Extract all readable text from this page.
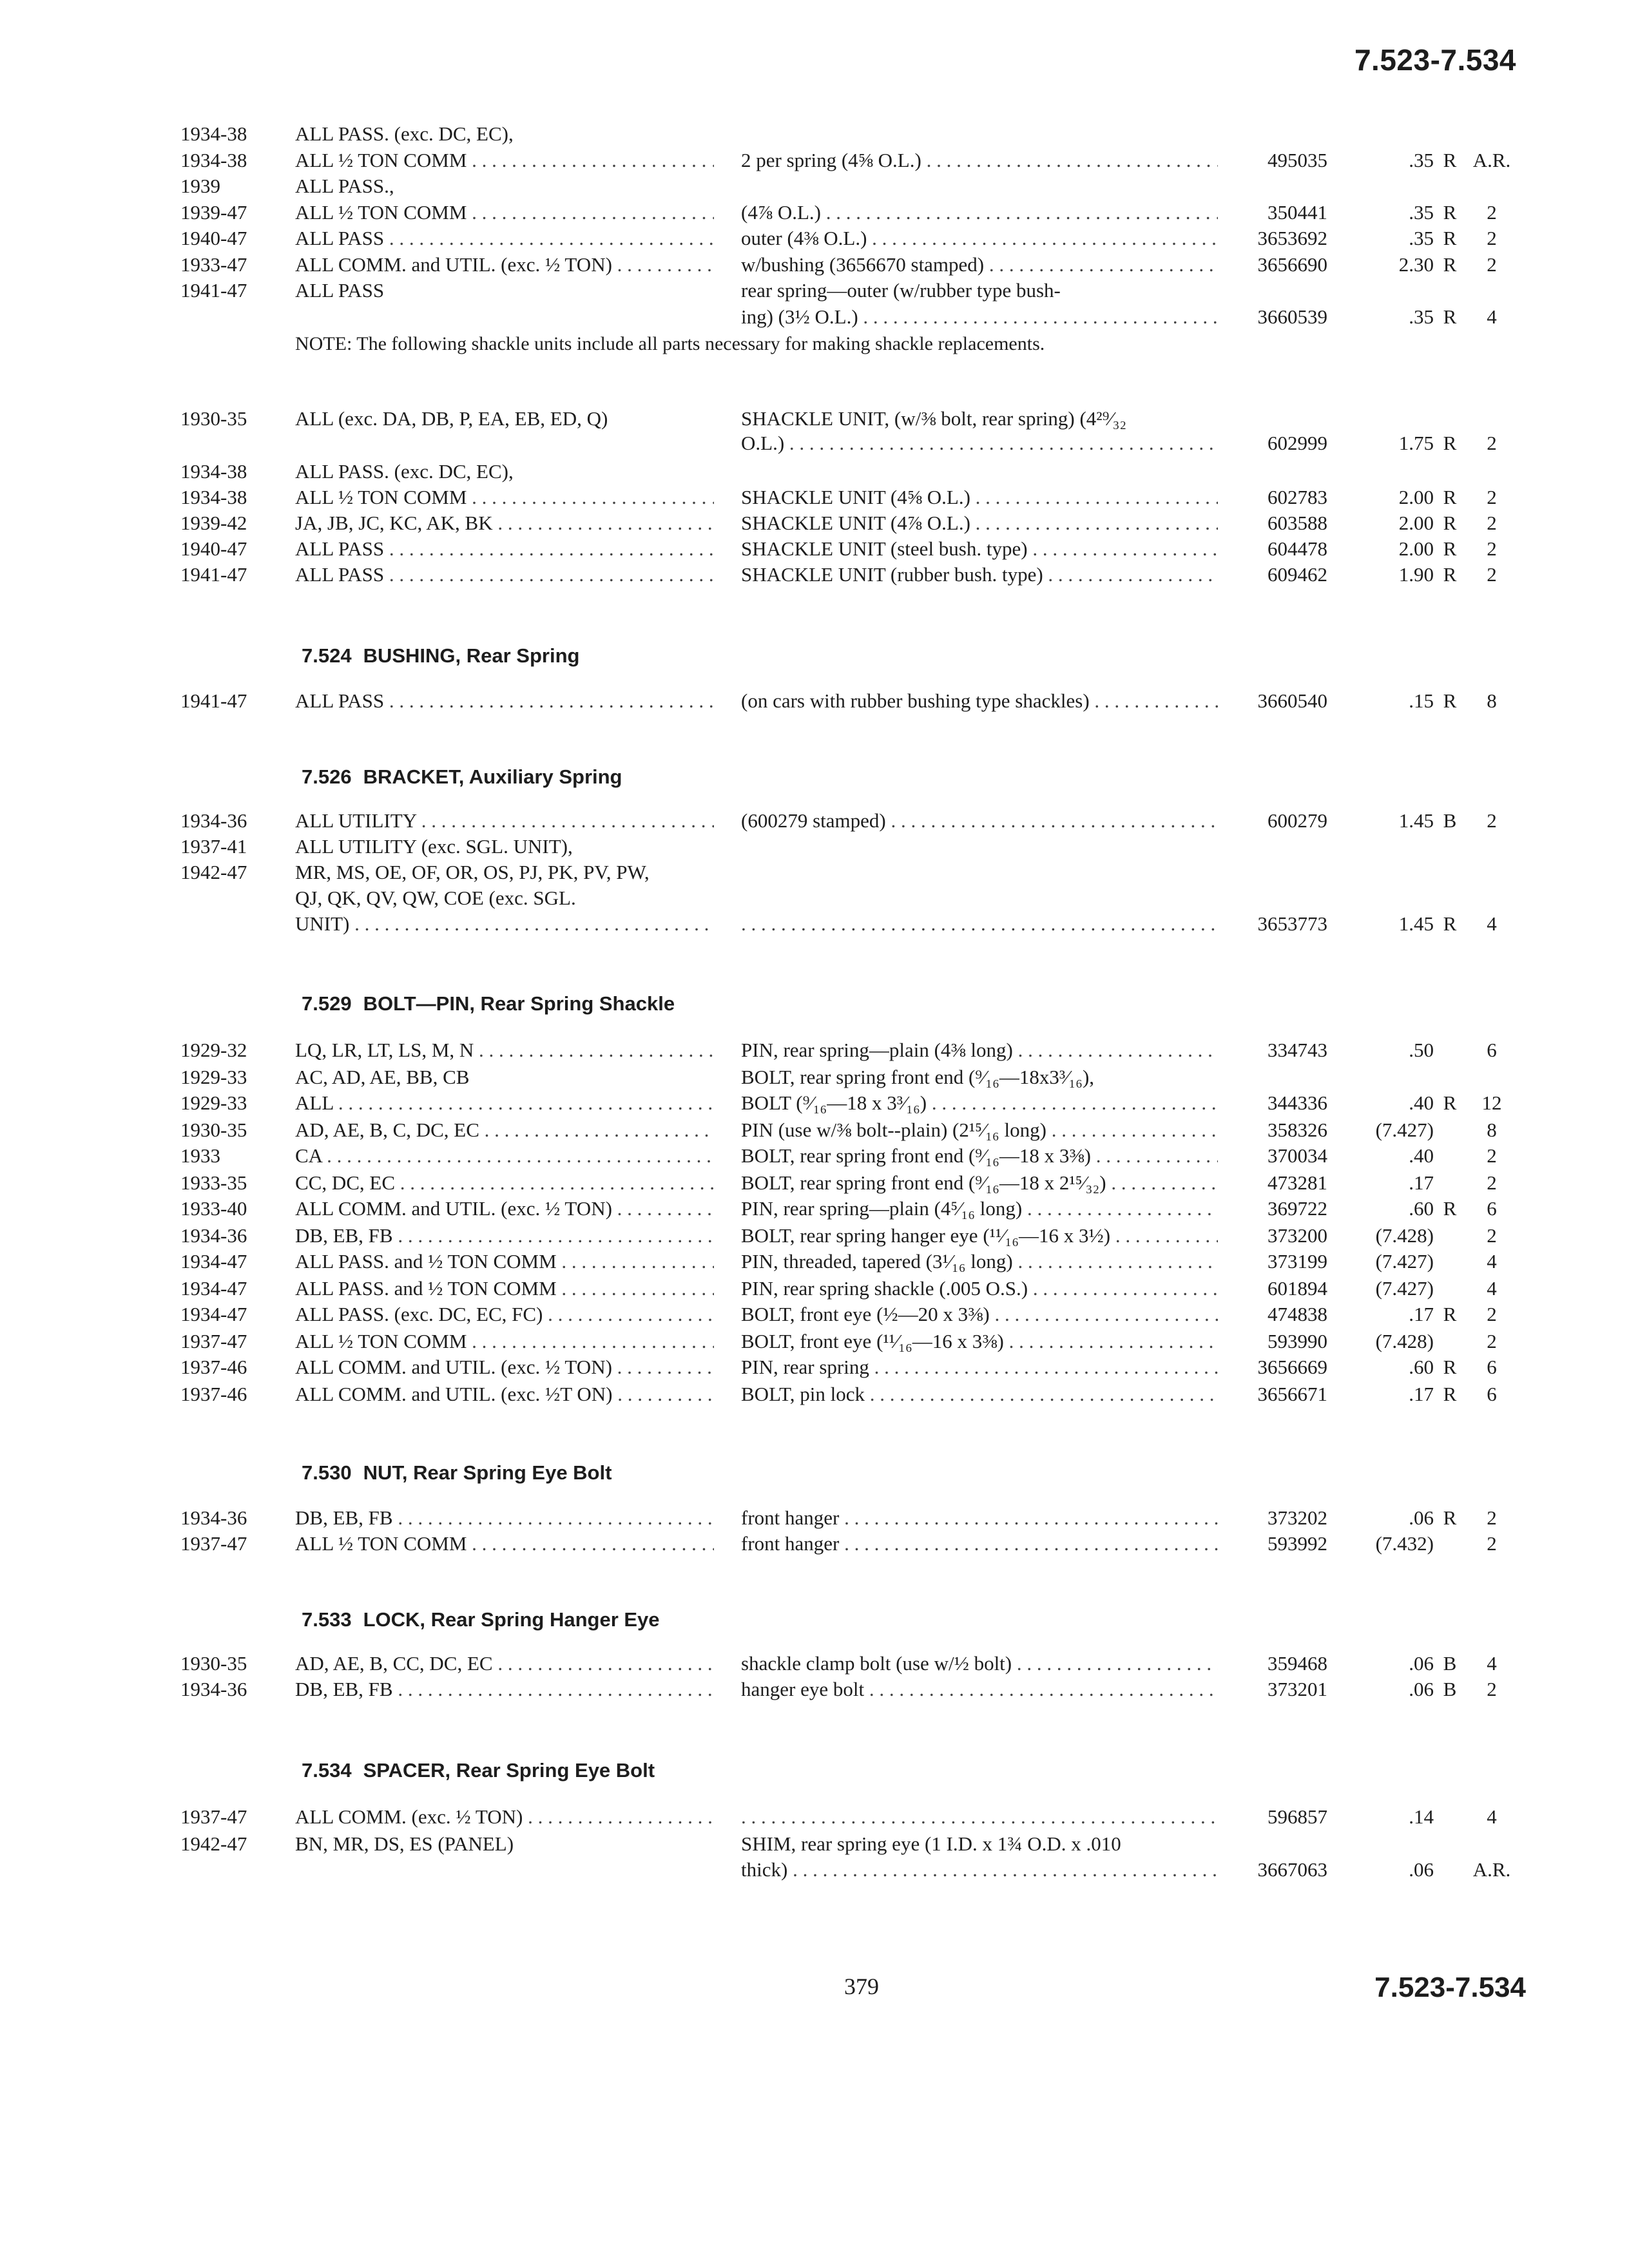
7.523-7.534
1934-38	ALL PASS. (exc. DC, EC),
1934-38	ALL ½ TON COMM . . .	2 per spring (4⅝ O.L.) . . .	495035	.35 R A.R.
1939	ALL PASS.,
1939-47	ALL ½ TON COMM . . .	(4⅞ O.L.) . . .	350441	.35 R	2
1940-47	ALL PASS . . .	outer (4⅜ O.L.) . . .	3653692	.35 R	2
1933-47	ALL COMM. and UTIL. (exc. ½ TON) . . .	w/bushing (3656670 stamped) . . .	3656690	2.30 R	2
1941-47	ALL PASS	rear spring—outer (w/rubber type bush-
ing) (3½ O.L.) . . .	3660539	.35 R	4
NOTE: The following shackle units include all parts necessary for making shackle replacements.
1930-35	ALL (exc. DA, DB, P, EA, EB, ED, Q)	SHACKLE UNIT, (w/⅜ bolt, rear spring) (4²⁹⁄₃₂
O.L.) . . .	602999	1.75 R	2
1934-38	ALL PASS. (exc. DC, EC),
1934-38	ALL ½ TON COMM . . .	SHACKLE UNIT (4⅝ O.L.) . . .	602783	2.00 R	2
1939-42	JA, JB, JC, KC, AK, BK . . .	SHACKLE UNIT (4⅞ O.L.) . . .	603588	2.00 R	2
1940-47	ALL PASS . . .	SHACKLE UNIT (steel bush. type) . . .	604478	2.00 R	2
1941-47	ALL PASS . . .	SHACKLE UNIT (rubber bush. type) . . .	609462	1.90 R	2
7.524 BUSHING, Rear Spring
1941-47	ALL PASS . . .	(on cars with rubber bushing type shackles) . . .	3660540	.15 R	8
7.526 BRACKET, Auxiliary Spring
1934-36	ALL UTILITY . . .	(600279 stamped) . . .	600279	1.45 B	2
1937-41	ALL UTILITY (exc. SGL. UNIT),
1942-47	MR, MS, OE, OF, OR, OS, PJ, PK, PV, PW,
QJ, QK, QV, QW, COE (exc. SGL.
UNIT) . . . . . .	3653773	1.45 R	4
7.529 BOLT—PIN, Rear Spring Shackle
1929-32	LQ, LR, LT, LS, M, N . . .	PIN, rear spring—plain (4⅜ long) . . .	334743	.50	6
1929-33	AC, AD, AE, BB, CB	BOLT, rear spring front end (⁹⁄₁₆—18x3³⁄₁₆),
1929-33	ALL . . .	BOLT (⁹⁄₁₆—18 x 3³⁄₁₆) . . .	344336	.40 R	12
1930-35	AD, AE, B, C, DC, EC . . .	PIN (use w/⅜ bolt--plain) (2¹⁵⁄₁₆ long) . . .	358326	(7.427)	8
1933	CA . . .	BOLT, rear spring front end (⁹⁄₁₆—18 x 3⅜) . . .	370034	.40	2
1933-35	CC, DC, EC . . .	BOLT, rear spring front end (⁹⁄₁₆—18 x 2¹⁵⁄₃₂) . . .	473281	.17	2
1933-40	ALL COMM. and UTIL. (exc. ½ TON) . . .	PIN, rear spring—plain (4⁵⁄₁₆ long) . . .	369722	.60 R	6
1934-36	DB, EB, FB . . .	BOLT, rear spring hanger eye (¹¹⁄₁₆—16 x 3½) . . .	373200	(7.428)	2
1934-47	ALL PASS. and ½ TON COMM . . .	PIN, threaded, tapered (3¹⁄₁₆ long) . . .	373199	(7.427)	4
1934-47	ALL PASS. and ½ TON COMM . . .	PIN, rear spring shackle (.005 O.S.) . . .	601894	(7.427)	4
1934-47	ALL PASS. (exc. DC, EC, FC) . . .	BOLT, front eye (½—20 x 3⅜) . . .	474838	.17 R	2
1937-47	ALL ½ TON COMM . . .	BOLT, front eye (¹¹⁄₁₆—16 x 3⅜) . . .	593990	(7.428)	2
1937-46	ALL COMM. and UTIL. (exc. ½ TON) . . .	PIN, rear spring . . .	3656669	.60 R	6
1937-46	ALL COMM. and UTIL. (exc. ½T ON) . . .	BOLT, pin lock . . .	3656671	.17 R	6
7.530 NUT, Rear Spring Eye Bolt
1934-36	DB, EB, FB . . .	front hanger . . .	373202	.06 R	2
1937-47	ALL ½ TON COMM . . .	front hanger . . .	593992	(7.432)	2
7.533 LOCK, Rear Spring Hanger Eye
1930-35	AD, AE, B, CC, DC, EC . . .	shackle clamp bolt (use w/½ bolt) . . .	359468	.06 B	4
1934-36	DB, EB, FB . . .	hanger eye bolt . . .	373201	.06 B	2
7.534 SPACER, Rear Spring Eye Bolt
1937-47	ALL COMM. (exc. ½ TON) . . . . . .	596857	.14	4
1942-47	BN, MR, DS, ES (PANEL)	SHIM, rear spring eye (1 I.D. x 1¾ O.D. x .010
thick) . . .	3667063	.06	A.R.
379	7.523-7.534
